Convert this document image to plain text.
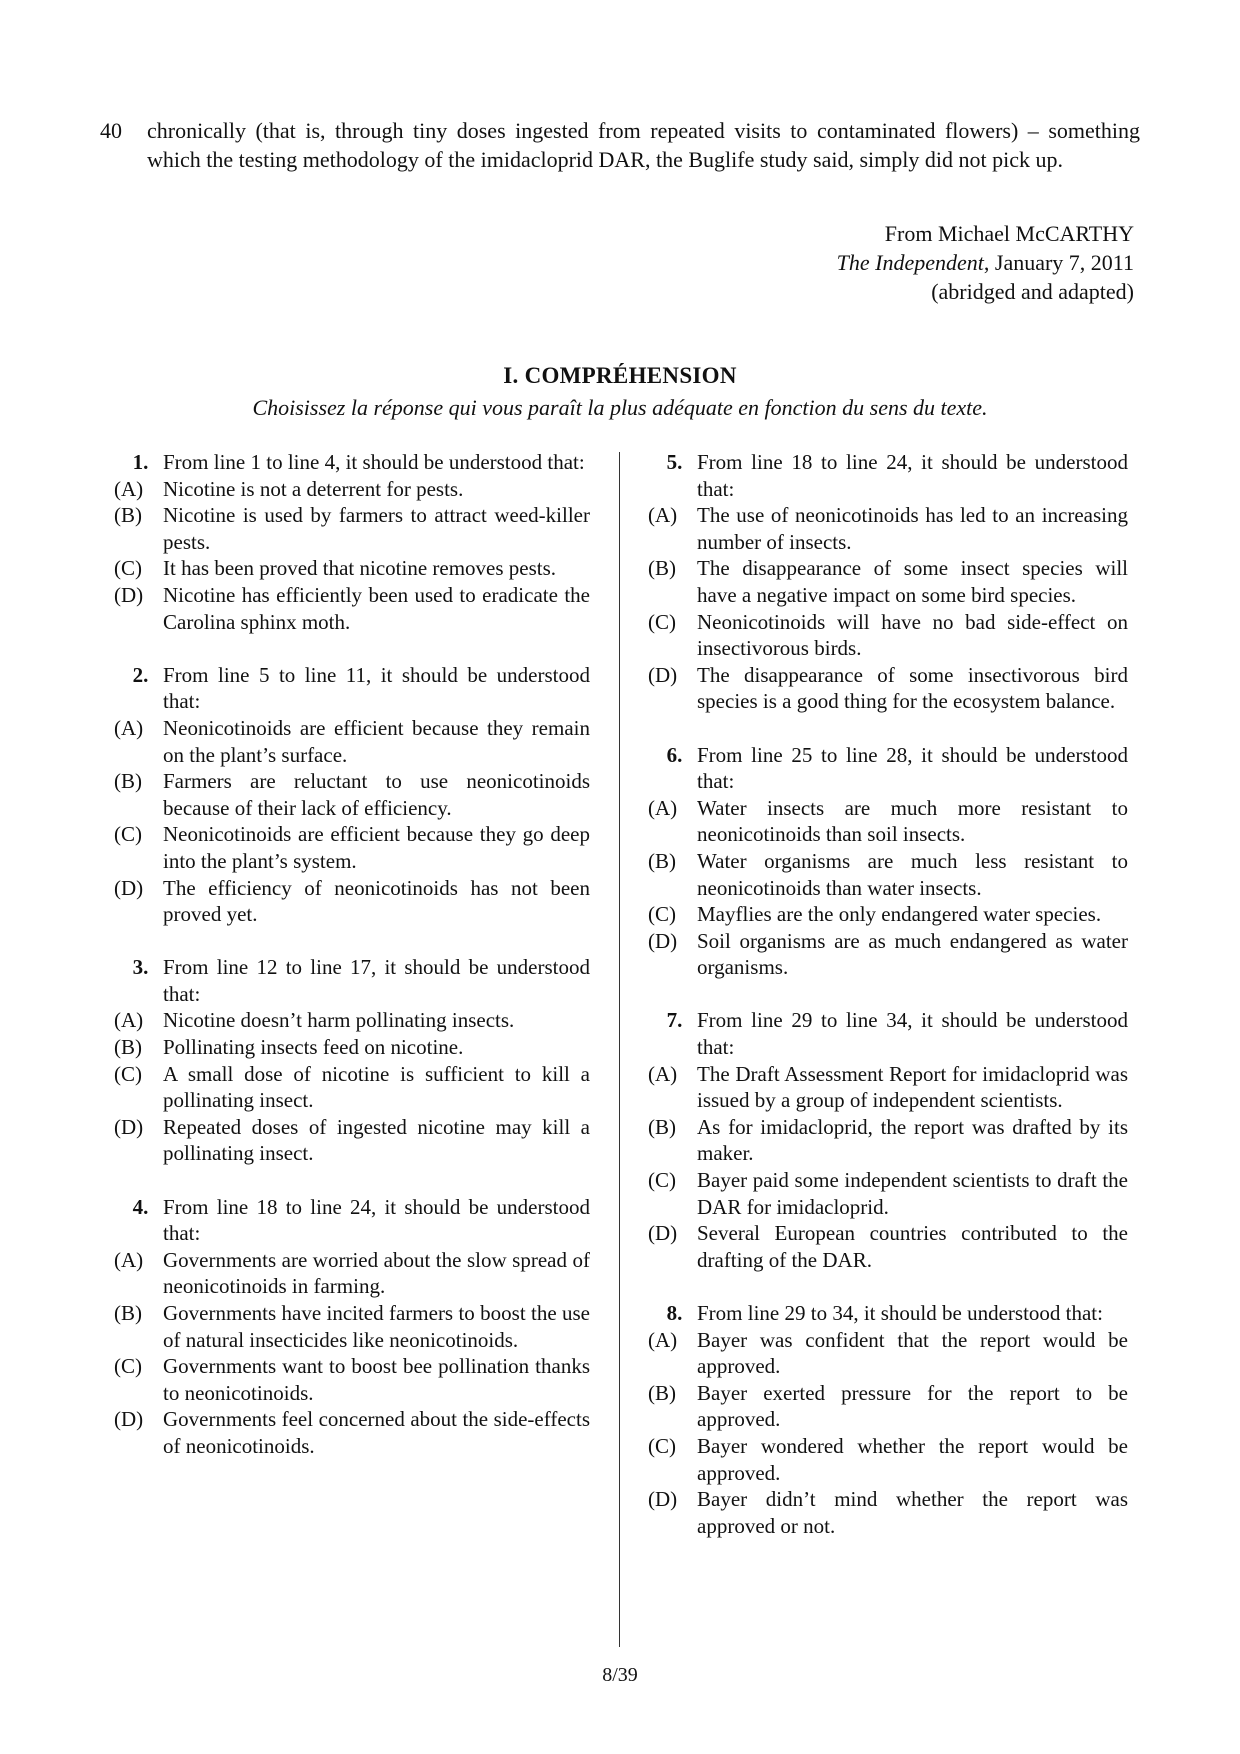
40 chronically (that is, through tiny doses ingested from repeated visits to contaminated flowers) – something which the testing methodology of the imidacloprid DAR, the Buglife study said, simply did not pick up.
From Michael McCARTHY
The Independent, January 7, 2011
(abridged and adapted)
I. COMPRÉHENSION
Choisissez la réponse qui vous paraît la plus adéquate en fonction du sens du texte.
1. From line 1 to line 4, it should be understood that:
(A) Nicotine is not a deterrent for pests.
(B)	Nicotine is used by farmers to attract weed-killer pests.
(C)	It has been proved that nicotine removes pests.
(D) Nicotine has efficiently been used to eradicate the Carolina sphinx moth.
2. From line 5 to line 11, it should be understood that:
(A) Neonicotinoids are efficient because they remain on the plant’s surface.
(B)	Farmers are reluctant to use neonicotinoids because of their lack of efficiency.
(C)	Neonicotinoids are efficient because they go deep into the plant’s system.
(D) The efficiency of neonicotinoids has not been proved yet.
3. From line 12 to line 17, it should be understood that:
(A) Nicotine doesn’t harm pollinating insects.
(B)	Pollinating insects feed on nicotine.
(C)	A small dose of nicotine is sufficient to kill a pollinating insect.
(D) Repeated doses of ingested nicotine may kill a pollinating insect.
4. From line 18 to line 24, it should be understood that:
(A) Governments are worried about the slow spread of neonicotinoids in farming.
(B)	Governments have incited farmers to boost the use of natural insecticides like neonicotinoids.
(C)	Governments want to boost bee pollination thanks to neonicotinoids.
(D) Governments feel concerned about the side-effects of neonicotinoids.
5. From line 18 to line 24, it should be understood that:
(A) The use of neonicotinoids has led to an increasing number of insects.
(B)	The disappearance of some insect species will have a negative impact on some bird species.
(C)	Neonicotinoids will have no bad side-effect on insectivorous birds.
(D) The disappearance of some insectivorous bird species is a good thing for the ecosystem balance.
6. From line 25 to line 28, it should be understood that:
(A) Water insects are much more resistant to neonicotinoids than soil insects.
(B)	Water organisms are much less resistant to neonicotinoids than water insects.
(C)	Mayflies are the only endangered water species.
(D) Soil organisms are as much endangered as water organisms.
7. From line 29 to line 34, it should be understood that:
(A) The Draft Assessment Report for imidacloprid was issued by a group of independent scientists.
(B)	As for imidacloprid, the report was drafted by its maker.
(C)	Bayer paid some independent scientists to draft the DAR for imidacloprid.
(D) Several European countries contributed to the drafting of the DAR.
8. From line 29 to 34, it should be understood that:
(A) Bayer was confident that the report would be approved.
(B)	Bayer exerted pressure for the report to be approved.
(C)	Bayer wondered whether the report would be approved.
(D) Bayer didn’t mind whether the report was approved or not.
8/39
